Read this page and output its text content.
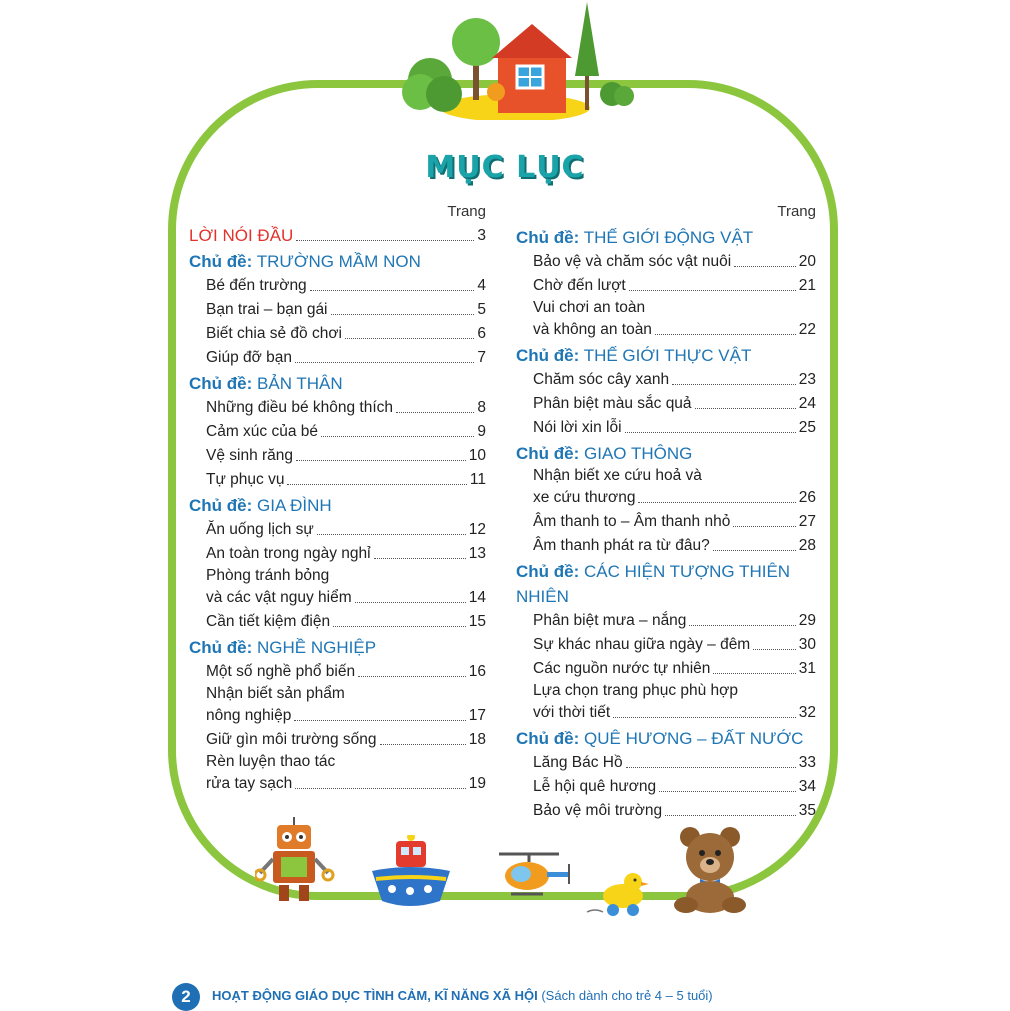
MỤC LỤC
Trang
LỜI NÓI ĐẦU	3
Chủ đề: TRƯỜNG MẦM NON
Bé đến trường	4
Bạn trai – bạn gái	5
Biết chia sẻ đồ chơi	6
Giúp đỡ bạn	7
Chủ đề: BẢN THÂN
Những điều bé không thích	8
Cảm xúc của bé	9
Vệ sinh răng	10
Tự phục vụ	11
Chủ đề: GIA ĐÌNH
Ăn uống lịch sự	12
An toàn trong ngày nghỉ	13
Phòng tránh bỏng
và các vật nguy hiểm	14
Cần tiết kiệm điện	15
Chủ đề: NGHỀ NGHIỆP
Một số nghề phổ biến	16
Nhận biết sản phẩm
nông nghiệp	17
Giữ gìn môi trường sống	18
Rèn luyện thao tác
rửa tay sạch	19
Trang
Chủ đề: THẾ GIỚI ĐỘNG VẬT
Bảo vệ và chăm sóc vật nuôi	20
Chờ đến lượt	21
Vui chơi an toàn
và không an toàn	22
Chủ đề: THẾ GIỚI THỰC VẬT
Chăm sóc cây xanh	23
Phân biệt màu sắc quả	24
Nói lời xin lỗi	25
Chủ đề: GIAO THÔNG
Nhận biết xe cứu hoả và
xe cứu thương	26
Âm thanh to – Âm thanh nhỏ	27
Âm thanh phát ra từ đâu?	28
Chủ đề: CÁC HIỆN TƯỢNG THIÊN NHIÊN
Phân biệt mưa – nắng	29
Sự khác nhau giữa ngày – đêm	30
Các nguồn nước tự nhiên	31
Lựa chọn trang phục phù hợp
với thời tiết	32
Chủ đề: QUÊ HƯƠNG – ĐẤT NƯỚC
Lăng Bác Hồ	33
Lễ hội quê hương	34
Bảo vệ môi trường	35
2	HOẠT ĐỘNG GIÁO DỤC TÌNH CẢM, KĨ NĂNG XÃ HỘI (Sách dành cho trẻ 4 – 5 tuổi)
